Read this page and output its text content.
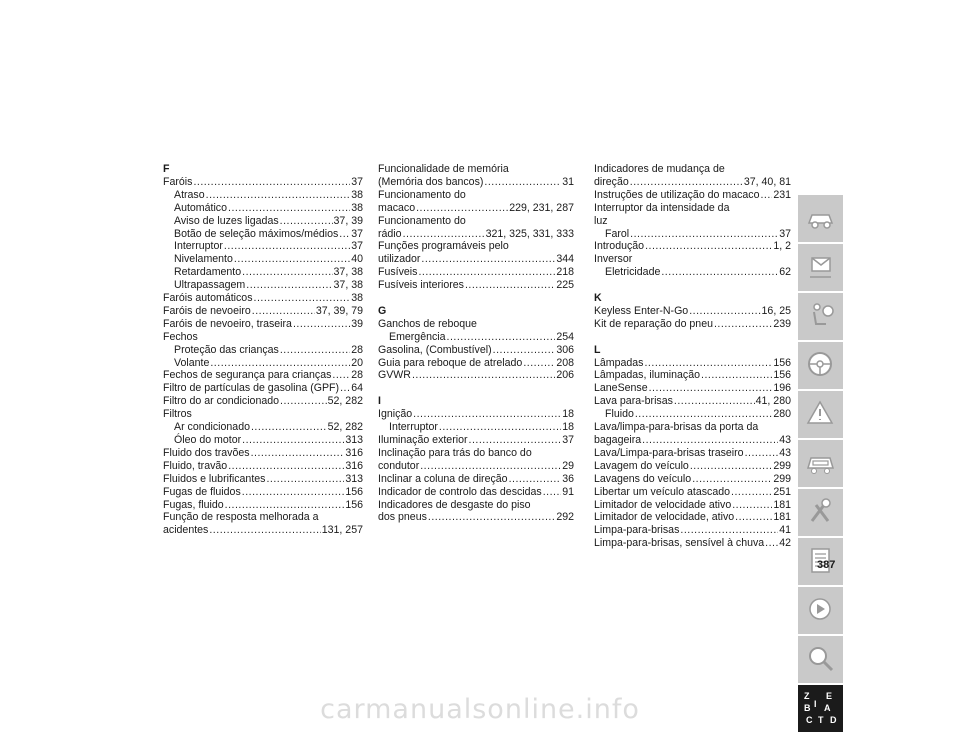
F
Faróis .....	37
Atraso .....	38
Automático .....	38
Aviso de luzes ligadas .....	37, 39
Botão de seleção máximos/médios ..... 37
Interruptor .....	37
Nivelamento .....	40
Retardamento .....	37, 38
Ultrapassagem .....	37, 38
Faróis automáticos .....	38
Faróis de nevoeiro .....	37, 39, 79
Faróis de nevoeiro, traseira .....	39
Fechos
Proteção das crianças .....	28
Volante .....	20
Fechos de segurança para crianças ..... 28
Filtro de partículas de gasolina (GPF) ..... 64
Filtro do ar condicionado .....	52, 282
Filtros
Ar condicionado .....	52, 282
Óleo do motor .....	313
Fluido dos travões .....	316
Fluido, travão .....	316
Fluidos e lubrificantes .....	313
Fugas de fluidos .....	156
Fugas, fluido .....	156
Função de resposta melhorada a
acidentes .....	131, 257
Funcionalidade de memória
(Memória dos bancos) .....	31
Funcionamento do
macaco .....	229, 231, 287
Funcionamento do
rádio .....	321, 325, 331, 333
Funções programáveis pelo
utilizador .....	344
Fusíveis .....	218
Fusíveis interiores .....	225
G
Ganchos de reboque
Emergência .....	254
Gasolina, (Combustível) .....	306
Guia para reboque de atrelado .....	208
GVWR .....	206
I
Ignição .....	18
Interruptor .....	18
Iluminação exterior .....	37
Inclinação para trás do banco do
condutor .....	29
Inclinar a coluna de direção .....	36
Indicador de controlo das descidas ..... 91
Indicadores de desgaste do piso
dos pneus .....	292
Indicadores de mudança de
direção .....	37, 40, 81
Instruções de utilização do macaco ..... 231
Interruptor da intensidade da
luz
Farol .....	37
Introdução .....	1, 2
Inversor
Eletricidade .....	62
K
Keyless Enter-N-Go .....	16, 25
Kit de reparação do pneu .....	239
L
Lâmpadas .....	156
Lâmpadas, iluminação .....	156
LaneSense .....	196
Lava para-brisas .....	41, 280
Fluido .....	280
Lava/limpa-para-brisas da porta da
bagageira .....	43
Lava/Limpa-para-brisas traseiro .....	43
Lavagem do veículo .....	299
Lavagens do veículo .....	299
Libertar um veículo atascado .....	251
Limitador de velocidade ativo .....	181
Limitador de velocidade, ativo .....	181
Limpa-para-brisas .....	41
Limpa-para-brisas, sensível à chuva ..... 42
Z E
B A
I
C T D
387
carmanualsonline.info
